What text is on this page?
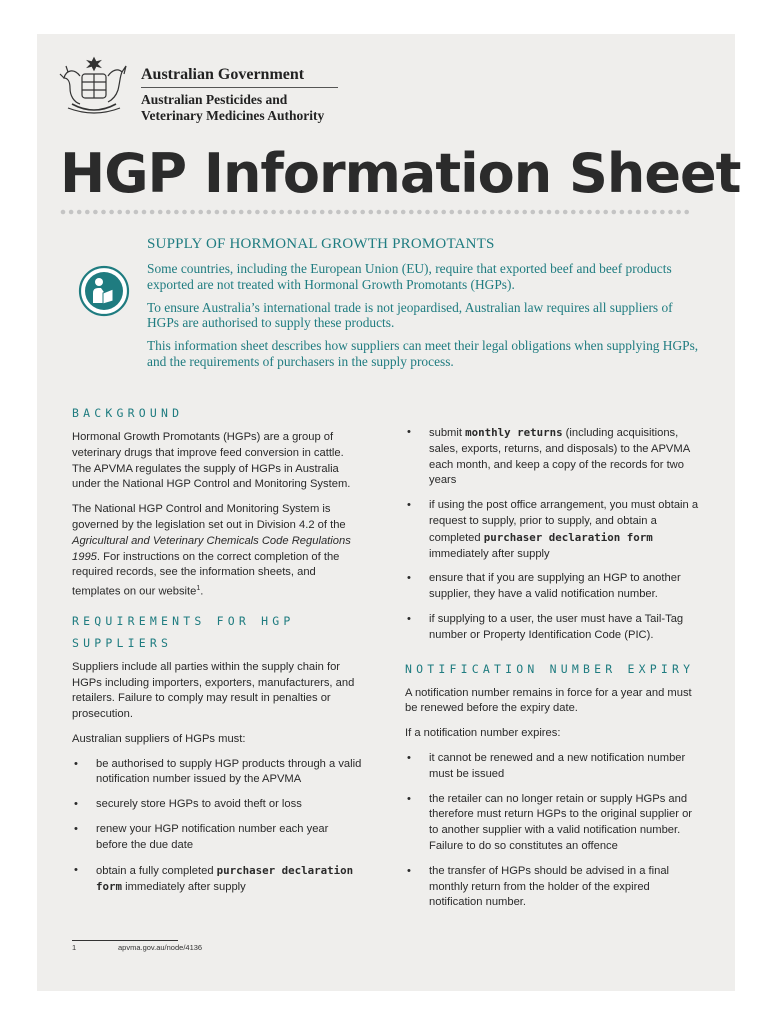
Australian Government
Australian Pesticides and
Veterinary Medicines Authority
HGP Information Sheet
SUPPLY OF HORMONAL GROWTH PROMOTANTS

Some countries, including the European Union (EU), require that exported beef and beef products exported are not treated with Hormonal Growth Promotants (HGPs).

To ensure Australia’s international trade is not jeopardised, Australian law requires all suppliers of HGPs are authorised to supply these products.

This information sheet describes how suppliers can meet their legal obligations when supplying HGPs, and the requirements of purchasers in the supply process.

BACKGROUND

Hormonal Growth Promotants (HGPs) are a group of veterinary drugs that improve feed conversion in cattle. The APVMA regulates the supply of HGPs in Australia under the National HGP Control and Monitoring System.

The National HGP Control and Monitoring System is governed by the legislation set out in Division 4.2 of the Agricultural and Veterinary Chemicals Code Regulations 1995. For instructions on the correct completion of the required records, see the information sheets, and templates on our website$^1$.

REQUIREMENTS FOR HGP SUPPLIERS

Suppliers include all parties within the supply chain for HGPs including importers, exporters, manufacturers, and retailers. Failure to comply may result in penalties or prosecution.

Australian suppliers of HGPs must:

• be authorised to supply HGP products through a valid notification number issued by the APVMA
• securely store HGPs to avoid theft or loss
• renew your HGP notification number each year before the due date
• obtain a fully completed purchaser declaration form immediately after supply
• submit monthly returns (including acquisitions, sales, exports, returns, and disposals) to the APVMA each month, and keep a copy of the records for two years
• if using the post office arrangement, you must obtain a request to supply, prior to supply, and obtain a completed purchaser declaration form immediately after supply
• ensure that if you are supplying an HGP to another supplier, they have a valid notification number.
• if supplying to a user, the user must have a Tail-Tag number or Property Identification Code (PIC).
NOTIFICATION NUMBER EXPIRY

A notification number remains in force for a year and must be renewed before the expiry date.

If a notification number expires:

• it cannot be renewed and a new notification number must be issued
• the retailer can no longer retain or supply HGPs and therefore must return HGPs to the original supplier or to another supplier with a valid notification number. Failure to do so constitutes an offence
• the transfer of HGPs should be advised in a final monthly return from the holder of the expired notification number.
1	apvma.gov.au/node/4136
